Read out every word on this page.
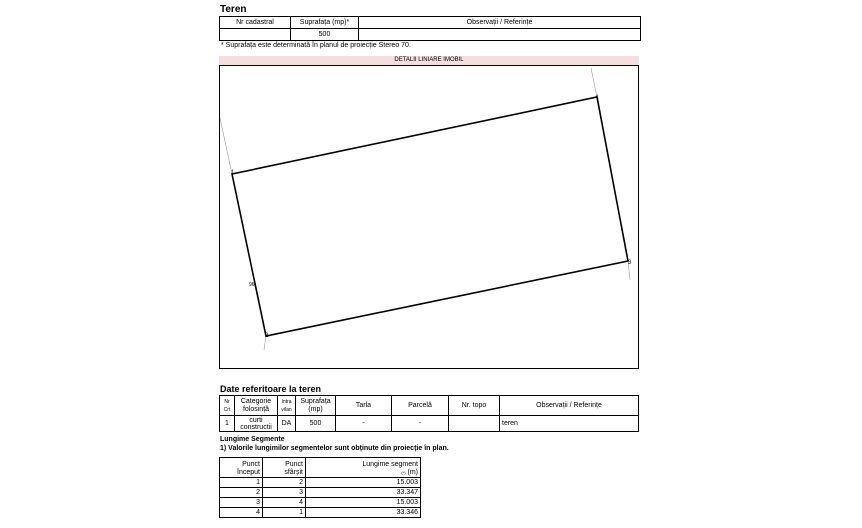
Teren
Nr cadastral	Suprafața (mp)*	Observații / Referințe
	500	
* Suprafața este determinată în planul de proiecție Stereo 70.
DETALII LINIARE IMOBIL
1
2
3
4
96;
Date referitoare la teren
Nr Crt	Categorie folosință	Intra vilan	Suprafața (mp)	Tarla	Parcelă	Nr. topo	Observații / Referințe
1	curti constructii	DA	500	-	-		teren
Lungime Segmente
1) Valorile lungimilor segmentelor sunt obținute din proiecție în plan.
Punct început	Punct sfârșit	Lungime segment
(*) (m)
1	2	15.003
2	3	33.347
3	4	15.003
4	1	33.346
